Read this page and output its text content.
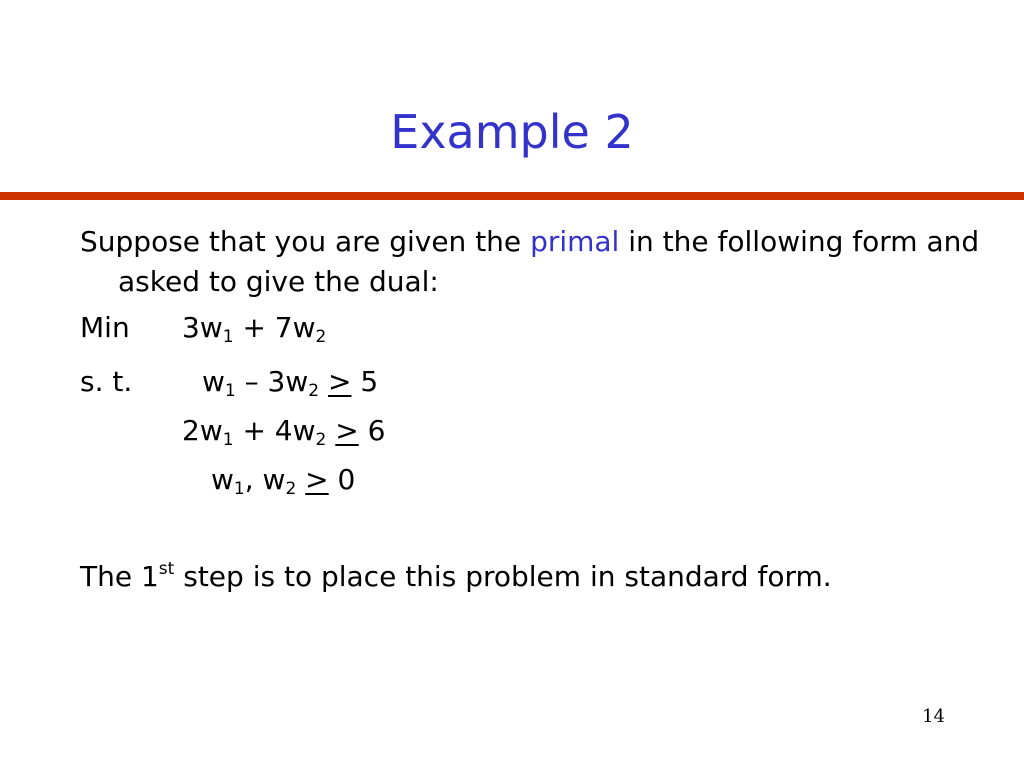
Example 2
Suppose that you are given the primal in the following form and asked to give the dual:
Min $3w_1 + 7w_2$
s. t. $w_1 - 3w_2 > 5$
$2w_1 + 4w_2 > 6$
$w_1$, $w_2 > 0$
The 1st step is to place this problem in standard form.
14
